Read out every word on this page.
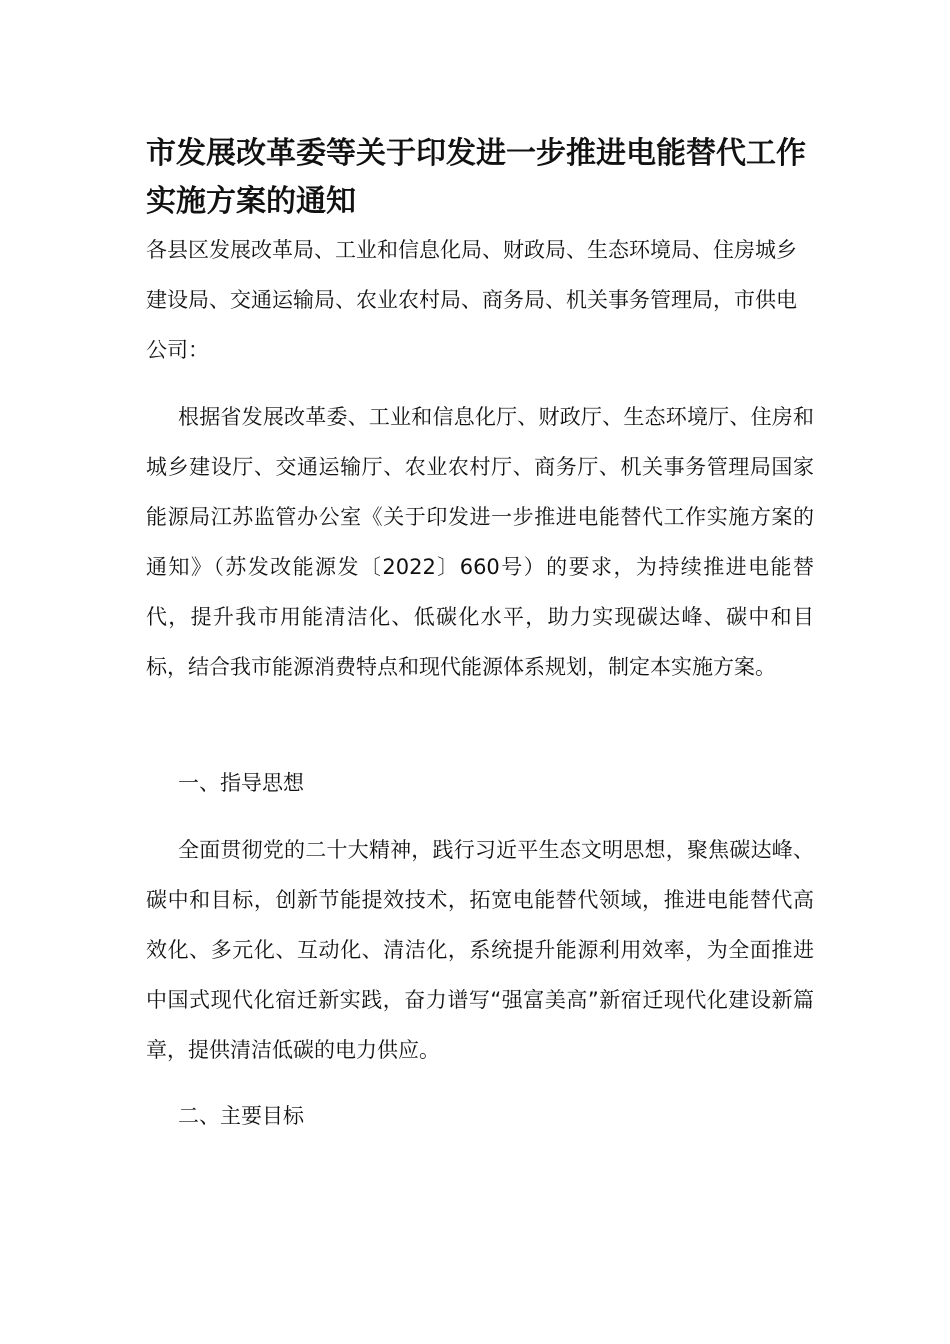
市发展改革委等关于印发进一步推进电能替代工作实施方案的通知

各县区发展改革局、工业和信息化局、财政局、生态环境局、住房城乡建设局、交通运输局、农业农村局、商务局、机关事务管理局，市供电公司：

根据省发展改革委、工业和信息化厅、财政厅、生态环境厅、住房和城乡建设厅、交通运输厅、农业农村厅、商务厅、机关事务管理局国家能源局江苏监管办公室《关于印发进一步推进电能替代工作实施方案的通知》（苏发改能源发〔2022〕660号）的要求，为持续推进电能替代，提升我市用能清洁化、低碳化水平，助力实现碳达峰、碳中和目标，结合我市能源消费特点和现代能源体系规划，制定本实施方案。

一、指导思想

全面贯彻党的二十大精神，践行习近平生态文明思想，聚焦碳达峰、碳中和目标，创新节能提效技术，拓宽电能替代领域，推进电能替代高效化、多元化、互动化、清洁化，系统提升能源利用效率，为全面推进中国式现代化宿迁新实践，奋力谱写“强富美高”新宿迁现代化建设新篇章，提供清洁低碳的电力供应。

二、主要目标
